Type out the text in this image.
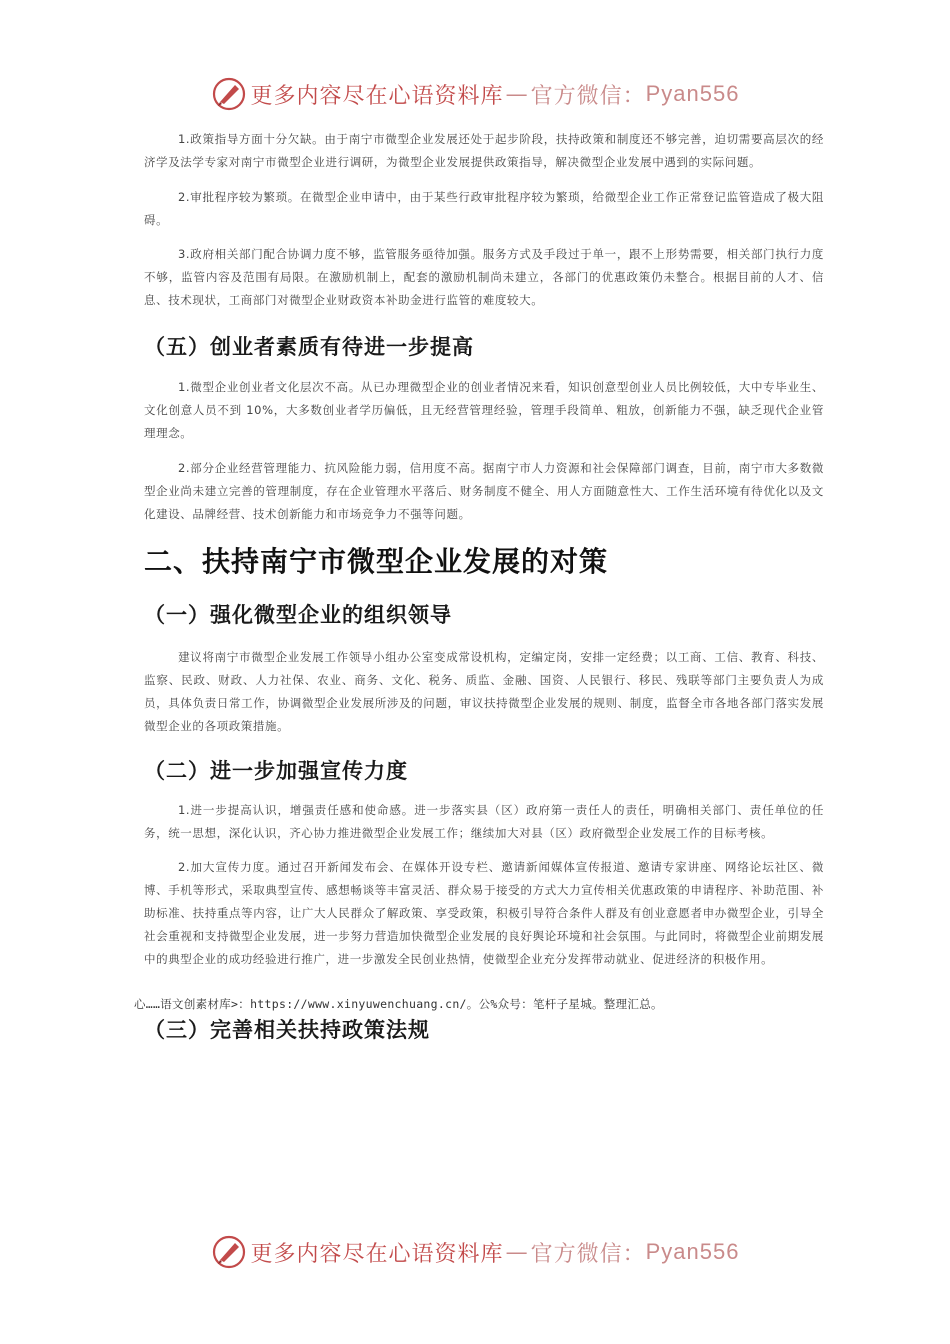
更多内容尽在心语资料库 — 官方微信： Pyan556
1.政策指导方面十分欠缺。由于南宁市微型企业发展还处于起步阶段，扶持政策和制度还不够完善，迫切需要高层次的经济学及法学专家对南宁市微型企业进行调研，为微型企业发展提供政策指导，解决微型企业发展中遇到的实际问题。
2.审批程序较为繁琐。在微型企业申请中，由于某些行政审批程序较为繁琐，给微型企业工作正常登记监管造成了极大阻碍。
3.政府相关部门配合协调力度不够，监管服务亟待加强。服务方式及手段过于单一，跟不上形势需要，相关部门执行力度不够，监管内容及范围有局限。在激励机制上，配套的激励机制尚未建立，各部门的优惠政策仍未整合。根据目前的人才、信息、技术现状，工商部门对微型企业财政资本补助金进行监管的难度较大。
（五）创业者素质有待进一步提高
1.微型企业创业者文化层次不高。从已办理微型企业的创业者情况来看，知识创意型创业人员比例较低，大中专毕业生、文化创意人员不到 10%，大多数创业者学历偏低，且无经营管理经验，管理手段简单、粗放，创新能力不强，缺乏现代企业管理理念。
2.部分企业经营管理能力、抗风险能力弱，信用度不高。据南宁市人力资源和社会保障部门调查，目前，南宁市大多数微型企业尚未建立完善的管理制度，存在企业管理水平落后、财务制度不健全、用人方面随意性大、工作生活环境有待优化以及文化建设、品牌经营、技术创新能力和市场竞争力不强等问题。
二、扶持南宁市微型企业发展的对策
（一）强化微型企业的组织领导
建议将南宁市微型企业发展工作领导小组办公室变成常设机构，定编定岗，安排一定经费；以工商、工信、教育、科技、监察、民政、财政、人力社保、农业、商务、文化、税务、质监、金融、国资、人民银行、移民、残联等部门主要负责人为成员，具体负责日常工作，协调微型企业发展所涉及的问题，审议扶持微型企业发展的规则、制度，监督全市各地各部门落实发展微型企业的各项政策措施。
（二）进一步加强宣传力度
1.进一步提高认识，增强责任感和使命感。进一步落实县（区）政府第一责任人的责任，明确相关部门、责任单位的任务，统一思想，深化认识，齐心协力推进微型企业发展工作；继续加大对县（区）政府微型企业发展工作的目标考核。
2.加大宣传力度。通过召开新闻发布会、在媒体开设专栏、邀请新闻媒体宣传报道、邀请专家讲座、网络论坛社区、微博、手机等形式，采取典型宣传、感想畅谈等丰富灵活、群众易于接受的方式大力宣传相关优惠政策的申请程序、补助范围、补助标准、扶持重点等内容，让广大人民群众了解政策、享受政策，积极引导符合条件人群及有创业意愿者申办微型企业，引导全社会重视和支持微型企业发展，进一步努力营造加快微型企业发展的良好舆论环境和社会氛围。与此同时，将微型企业前期发展中的典型企业的成功经验进行推广，进一步激发全民创业热情，使微型企业充分发挥带动就业、促进经济的积极作用。
心……语文创素材库>：https://www.xinyuwenchuang.cn/。公%众号：笔杆子星城。整理汇总。
（三）完善相关扶持政策法规
更多内容尽在心语资料库 — 官方微信： Pyan556
